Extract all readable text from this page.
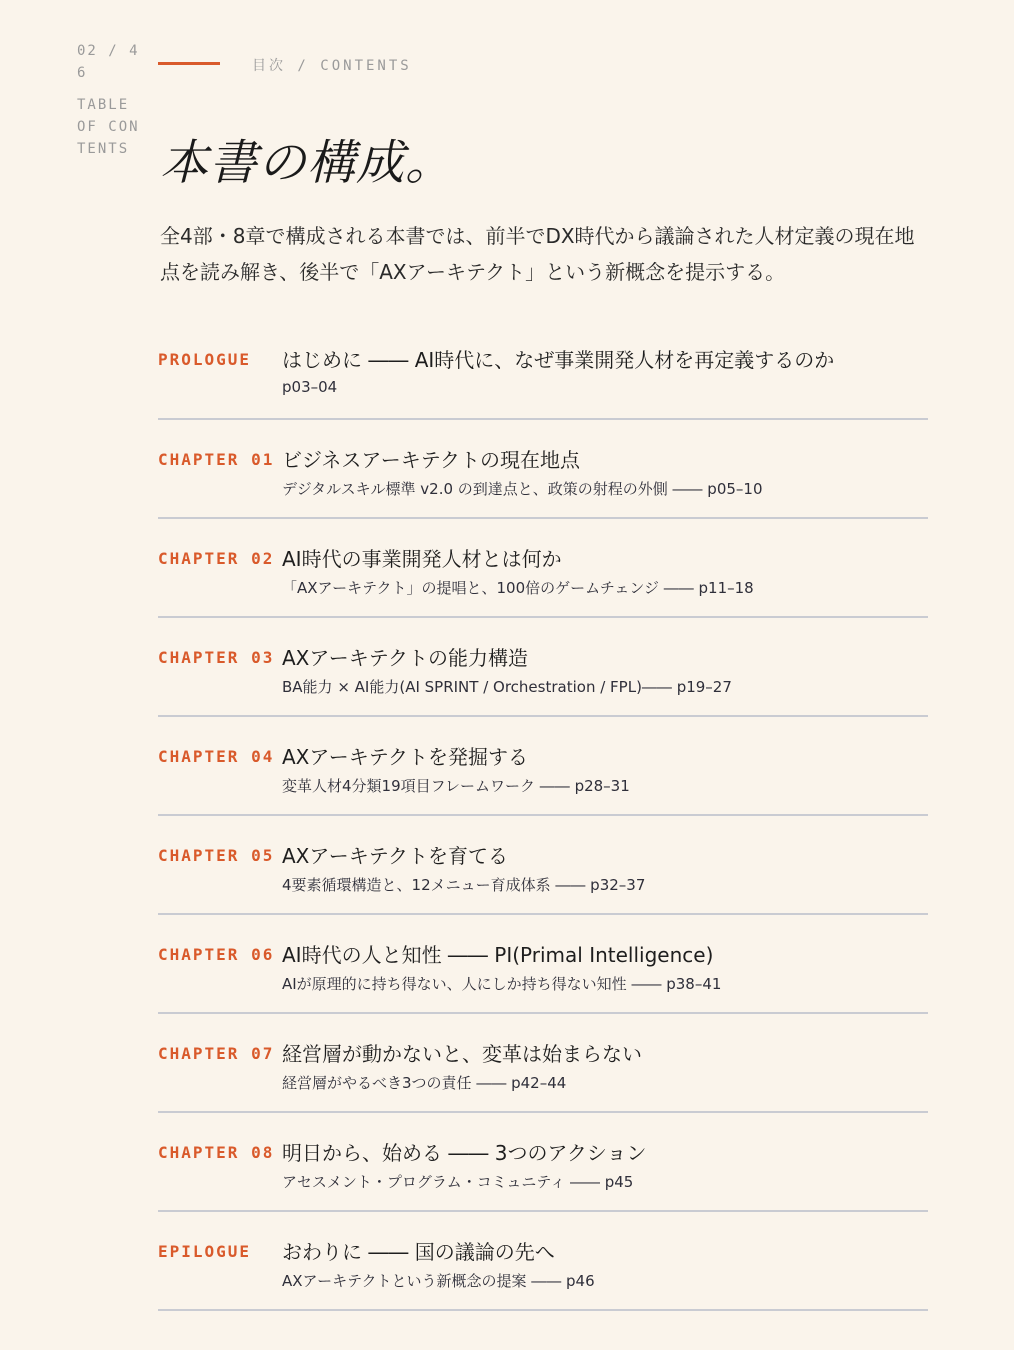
02 / 46
TABLE OF CONTENTS
目次 / CONTENTS
本書の構成。

全4部・8章で構成される本書では、前半でDX時代から議論された人材定義の現在地点を読み解き、後半で「AXアーキテクト」という新概念を提示する。

PROLOGUE はじめに ―― AI時代に、なぜ事業開発人材を再定義するのか
p03–04
CHAPTER 01 ビジネスアーキテクトの現在地点
デジタルスキル標準 v2.0 の到達点と、政策の射程の外側 ―― p05–10
CHAPTER 02 AI時代の事業開発人材とは何か
「AXアーキテクト」の提唱と、100倍のゲームチェンジ ―― p11–18
CHAPTER 03 AXアーキテクトの能力構造
BA能力 × AI能力(AI SPRINT / Orchestration / FPL)―― p19–27
CHAPTER 04 AXアーキテクトを発掘する
変革人材4分類19項目フレームワーク ―― p28–31
CHAPTER 05 AXアーキテクトを育てる
4要素循環構造と、12メニュー育成体系 ―― p32–37
CHAPTER 06 AI時代の人と知性 ―― PI(Primal Intelligence)
AIが原理的に持ち得ない、人にしか持ち得ない知性 ―― p38–41
CHAPTER 07 経営層が動かないと、変革は始まらない
経営層がやるべき3つの責任 ―― p42–44
CHAPTER 08 明日から、始める ―― 3つのアクション
アセスメント・プログラム・コミュニティ ―― p45
EPILOGUE おわりに ―― 国の議論の先へ
AXアーキテクトという新概念の提案 ―― p46
